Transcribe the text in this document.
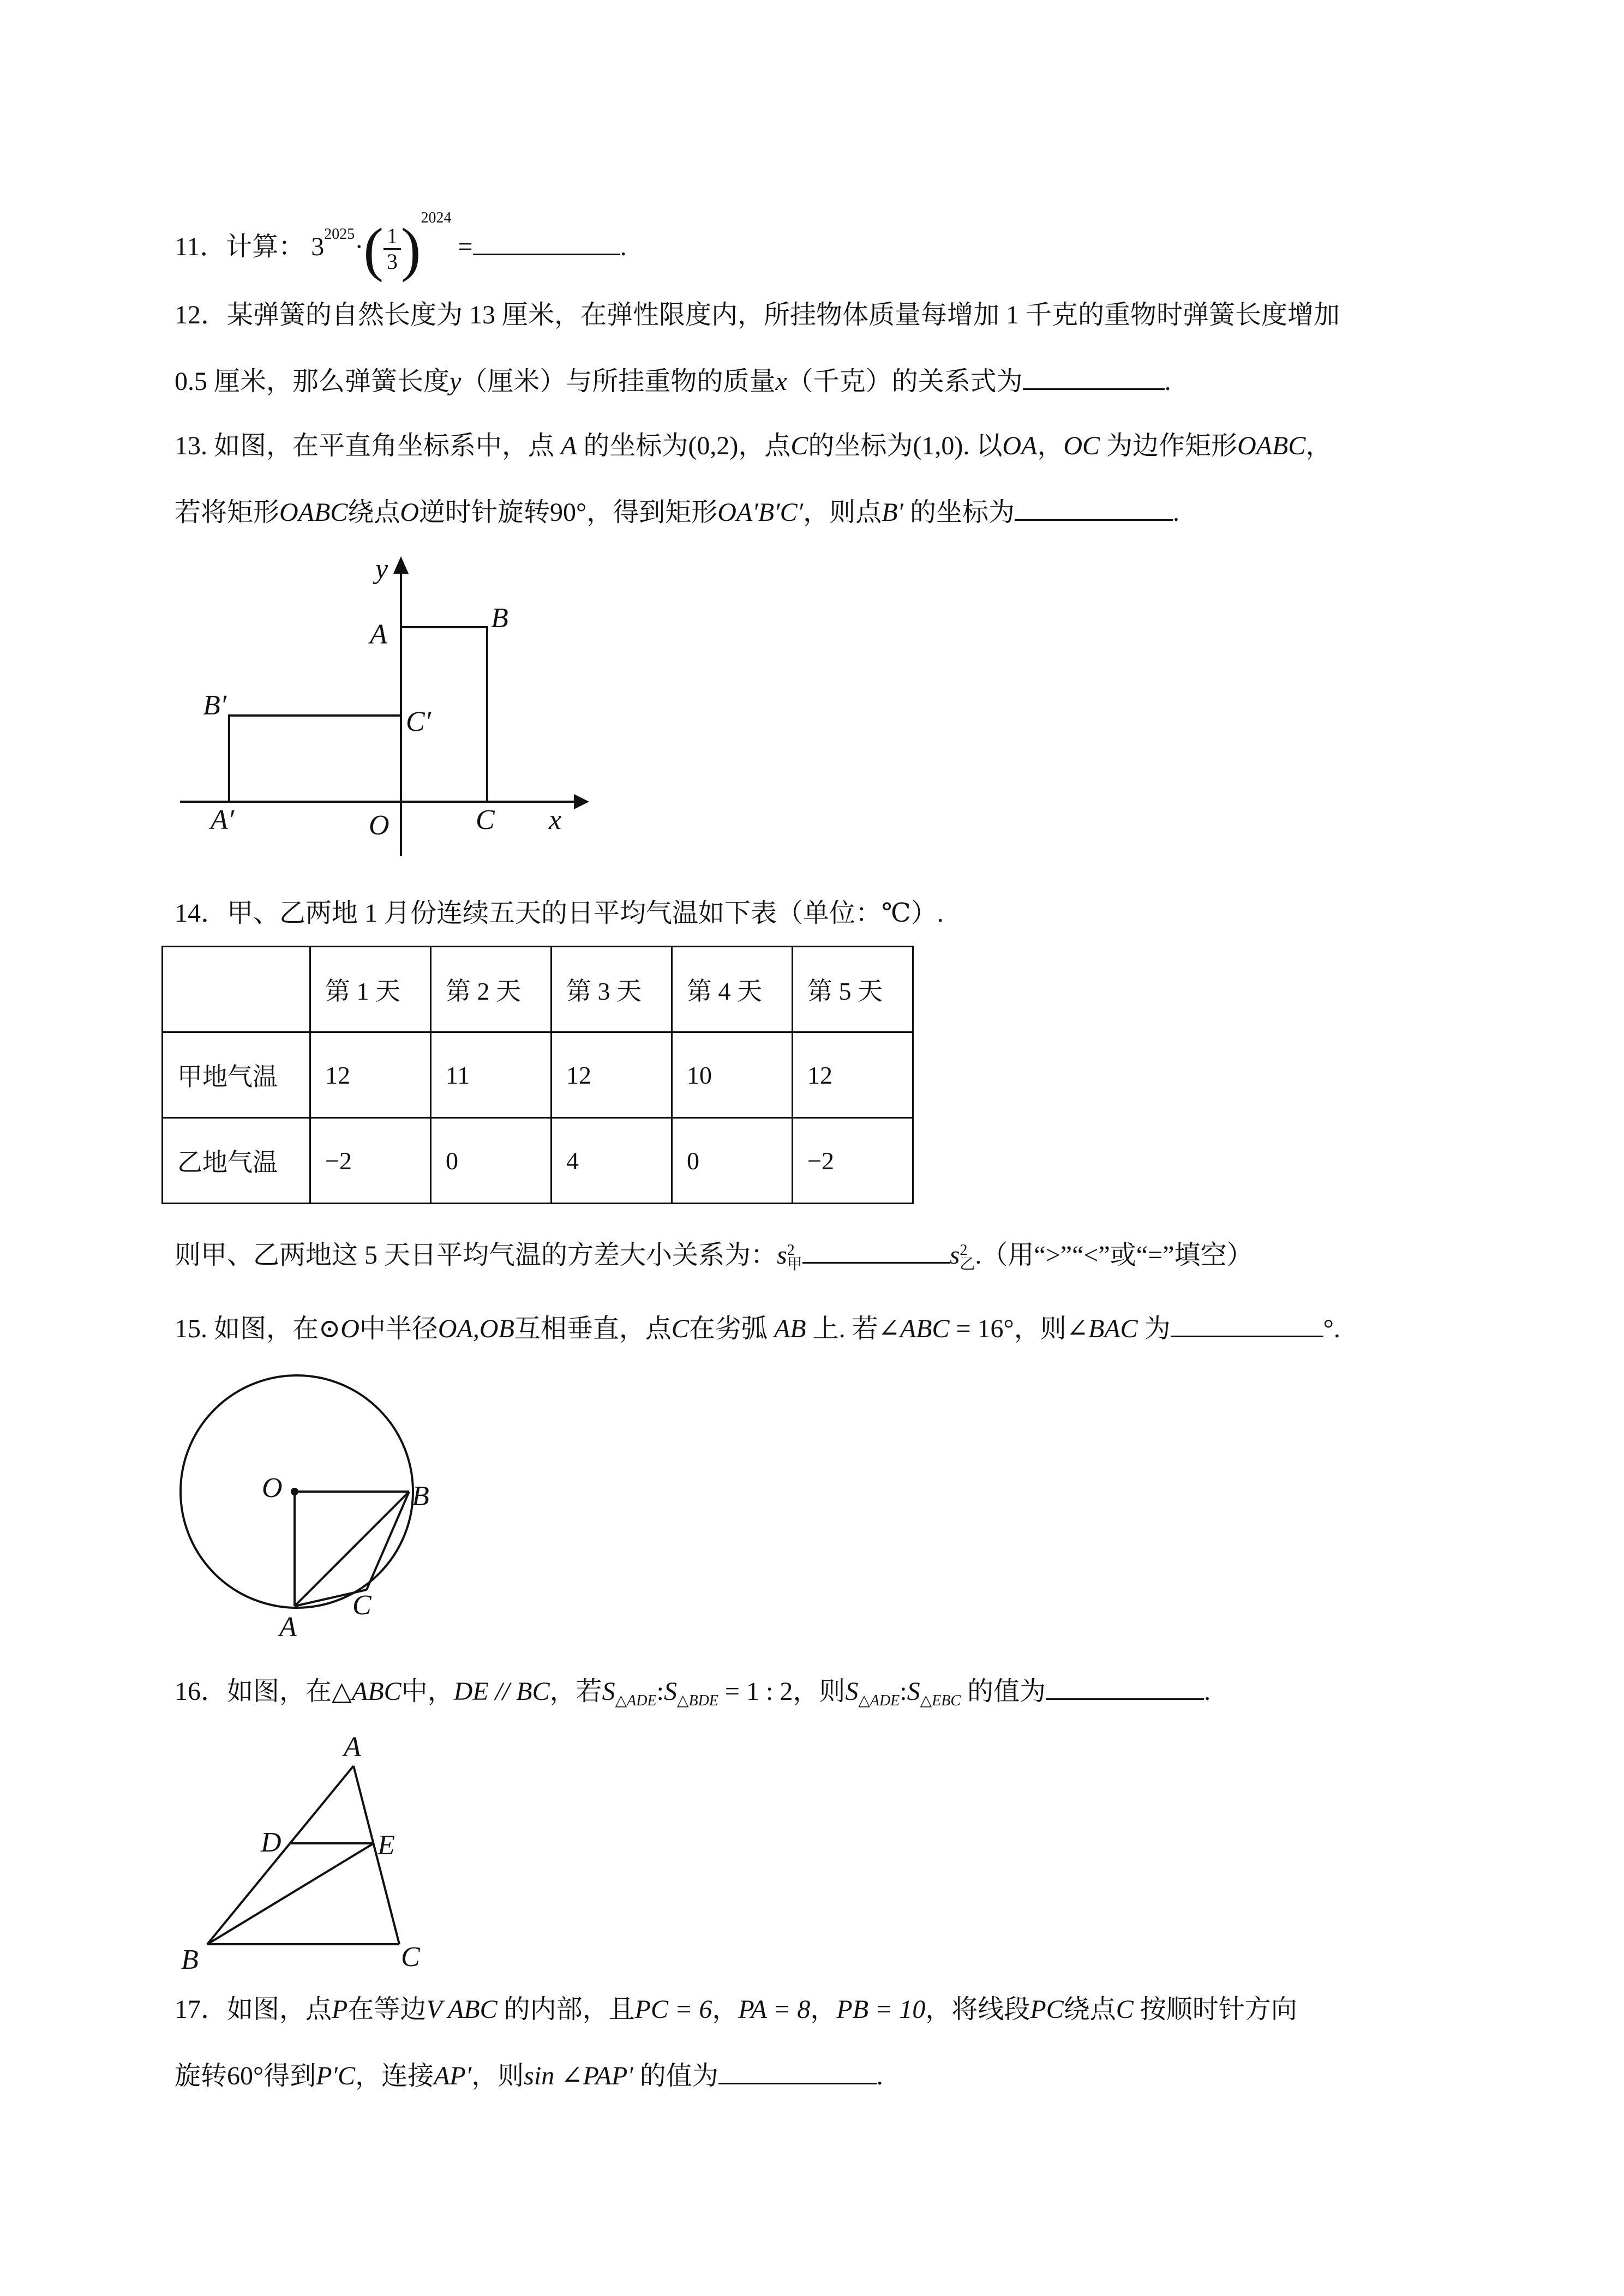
11．计算： $3^{2025}\cdot( \frac{1}{3} )^{2024}$ =	.
12．某弹簧的自然长度为 13 厘米，在弹性限度内，所挂物体质量每增加 1 千克的重物时弹簧长度增加
0.5 厘米，那么弹簧长度y（厘米）与所挂重物的质量x（千克）的关系式为	.
13. 如图，在平直角坐标系中，点 A 的坐标为(0,2)，点C的坐标为(1,0). 以OA，OC 为边作矩形OABC，
若将矩形OABC绕点O逆时针旋转90°，得到矩形OA′B′C′，则点B′ 的坐标为	.
y
A
B
B′
C′
A′	O	C x
14．甲、乙两地 1 月份连续五天的日平均气温如下表（单位：℃）.
	第 1 天	第 2 天	第 3 天	第 4 天	第 5 天
甲地气温	12	11	12	10	12
乙地气温	−2	0	4	0	−2
则甲、乙两地这 5 天日平均气温的方差大小关系为：s 2
甲	s 2
乙 .（用“>”“<”或“=”填空）
15. 如图，在⊙O中半径OA,OB互相垂直，点C在劣弧 AB 上. 若∠ABC = 16°，则∠BAC 为	°.
O	B
A
C
16．如图，在△ABC中，DE // BC，若$S_{\triangle ADE}:S_{\triangle BDE} = 1$ : 2，则$S_{\triangle ADE}:S_{\triangle EBC}$ 的值为	.
A
D	E
B	C
17．如图，点P在等边V ABC 的内部，且PC = 6，PA = 8，PB = 10，将线段PC绕点C 按顺时针方向
旋转60°得到P′C，连接AP′，则sin ∠PAP′ 的值为	.
